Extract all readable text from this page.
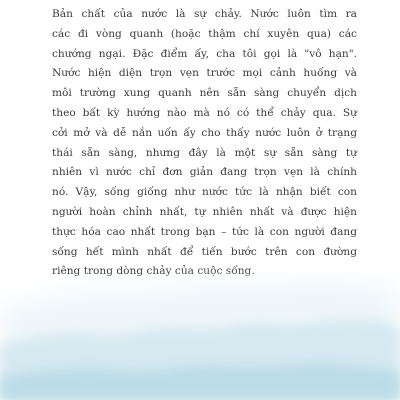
Bản chất của nước là sự chảy. Nước luôn tìm ra
các đi vòng quanh (hoặc thậm chí xuyên qua) các
chướng ngại. Đặc điểm ấy, cha tôi gọi là "vô hạn".
Nước hiện diện trọn vẹn trước mọi cảnh huống và
môi trường xung quanh nên sẵn sàng chuyển dịch
theo bất kỳ hướng nào mà nó có thể chảy qua. Sự
cởi mở và dễ nắn uốn ấy cho thấy nước luôn ở trạng
thái sẵn sàng, nhưng đây là một sự sẵn sàng tự
nhiên vì nước chỉ đơn giản đang trọn vẹn là chính
nó. Vậy, sống giống như nước tức là nhận biết con
người hoàn chỉnh nhất, tự nhiên nhất và được hiện
thực hóa cao nhất trong bạn – tức là con người đang
sống hết mình nhất để tiến bước trên con đường
riêng trong dòng chảy của cuộc sống.
